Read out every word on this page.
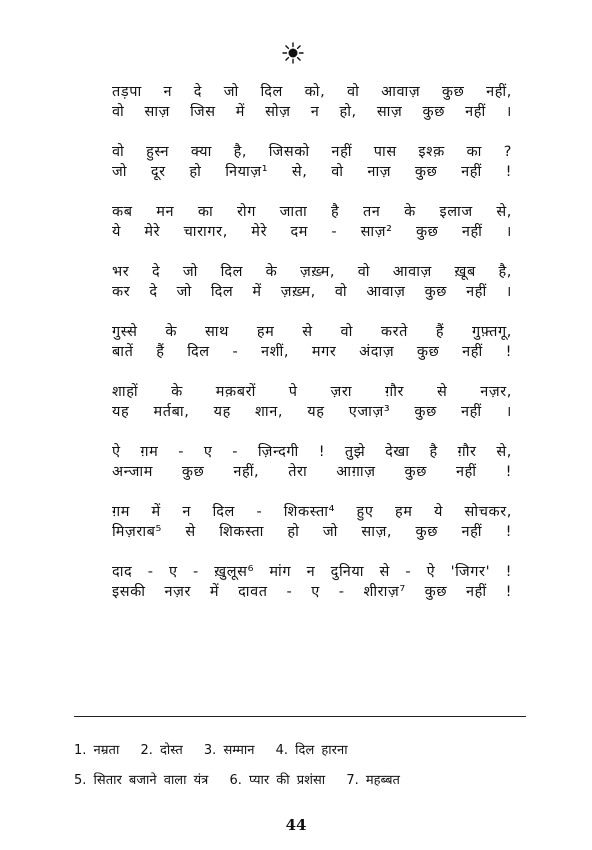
तड़पा न दे जो दिल को, वो आवाज़ कुछ नहीं,
वो साज़ जिस में सोज़ न हो, साज़ कुछ नहीं ।
वो हुस्न क्या है, जिसको नहीं पास इश्क़ का ?
जो दूर हो नियाज़¹ से, वो नाज़ कुछ नहीं !
कब मन का रोग जाता है तन के इलाज से,
ये मेरे चारागर, मेरे दम - साज़² कुछ नहीं ।
भर दे जो दिल के ज़ख़्म, वो आवाज़ ख़ूब है,
कर दे जो दिल में ज़ख़्म, वो आवाज़ कुछ नहीं ।
गुस्से के साथ हम से वो करते हैं गुफ़्तगू,
बातें हैं दिल - नशीं, मगर अंदाज़ कुछ नहीं !
शाहों के मक़बरों पे ज़रा ग़ौर से नज़र,
यह मर्तबा, यह शान, यह एजाज़³ कुछ नहीं ।
ऐ ग़म - ए - ज़िन्दगी ! तुझे देखा है ग़ौर से,
अन्जाम कुछ नहीं, तेरा आग़ाज़ कुछ नहीं !
ग़म में न दिल - शिकस्ता⁴ हुए हम ये सोचकर,
मिज़राब⁵ से शिकस्ता हो जो साज़, कुछ नहीं !
दाद - ए - ख़ुलूस⁶ मांग न दुनिया से - ऐ 'जिगर' !
इसकी नज़र में दावत - ए - शीराज़⁷ कुछ नहीं !
1. नम्रता 2. दोस्त 3. सम्मान 4. दिल हारना
5. सितार बजाने वाला यंत्र 6. प्यार की प्रशंसा 7. महब्बत
44
